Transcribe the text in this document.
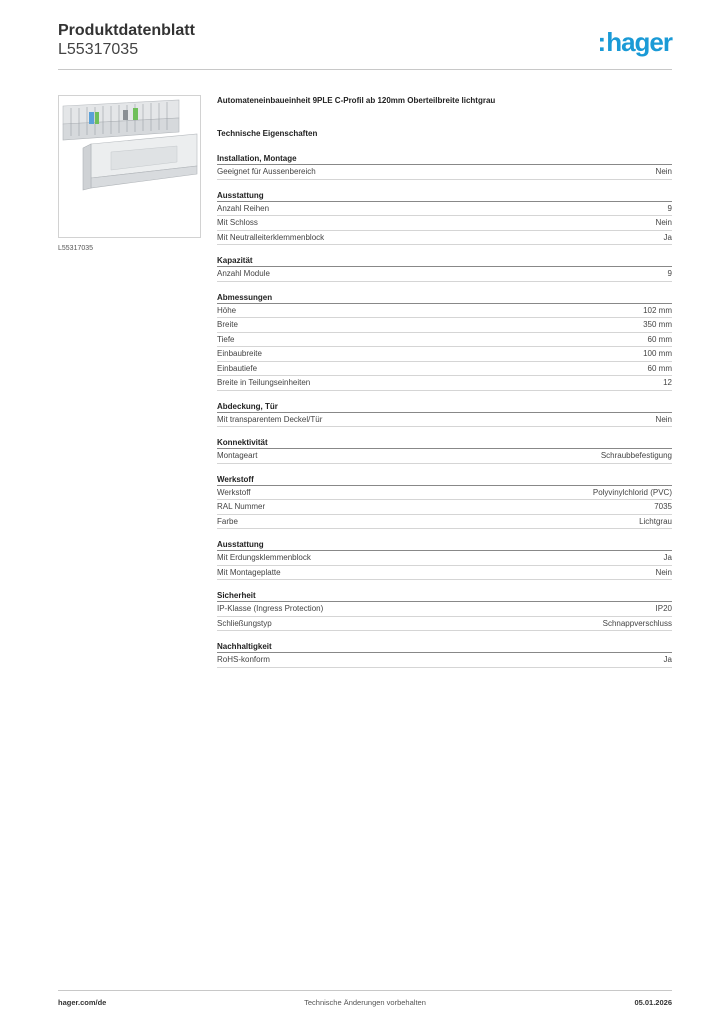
Produktdatenblatt
L55317035	:hager
L55317035
Automateneinbaueinheit 9PLE C-Profil ab 120mm Oberteilbreite lichtgrau
Technische Eigenschaften
Installation, Montage
Geeignet für Aussenbereich	Nein
Ausstattung
Anzahl Reihen	9
Mit Schloss	Nein
Mit Neutralleiterklemmenblock	Ja
Kapazität
Anzahl Module	9
Abmessungen
Höhe	102 mm
Breite	350 mm
Tiefe	60 mm
Einbaubreite	100 mm
Einbautiefe	60 mm
Breite in Teilungseinheiten	12
Abdeckung, Tür
Mit transparentem Deckel/Tür	Nein
Konnektivität
Montageart	Schraubbefestigung
Werkstoff
Werkstoff	Polyvinylchlorid (PVC)
RAL Nummer	7035
Farbe	Lichtgrau
Ausstattung
Mit Erdungsklemmenblock	Ja
Mit Montageplatte	Nein
Sicherheit
IP-Klasse (Ingress Protection)	IP20
Schließungstyp	Schnappverschluss
Nachhaltigkeit
RoHS-konform	Ja
hager.com/de	Technische Änderungen vorbehalten	05.01.2026
